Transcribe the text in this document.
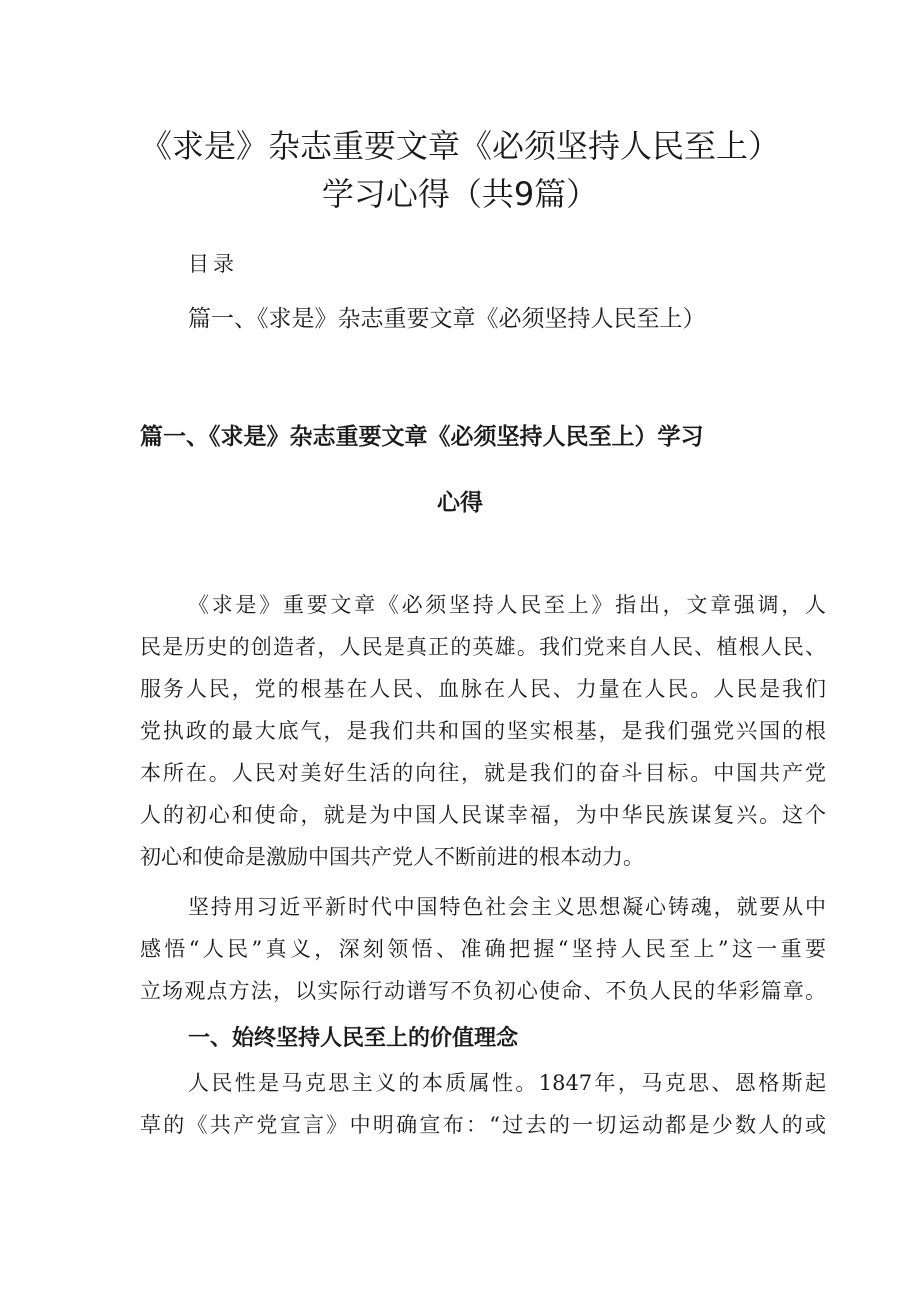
《求是》杂志重要文章《必须坚持人民至上）
学习心得（共9篇）

目录

篇一、《求是》杂志重要文章《必须坚持人民至上）

篇一、《求是》杂志重要文章《必须坚持人民至上）学习
心得

《求是》重要文章《必须坚持人民至上》指出，文章强调，人

民是历史的创造者，人民是真正的英雄。我们党来自人民、植根人民、

服务人民，党的根基在人民、血脉在人民、力量在人民。人民是我们

党执政的最大底气，是我们共和国的坚实根基，是我们强党兴国的根

本所在。人民对美好生活的向往，就是我们的奋斗目标。中国共产党

人的初心和使命，就是为中国人民谋幸福，为中华民族谋复兴。这个

初心和使命是激励中国共产党人不断前进的根本动力。

坚持用习近平新时代中国特色社会主义思想凝心铸魂，就要从中

感悟“人民”真义，深刻领悟、准确把握“坚持人民至上”这一重要

立场观点方法，以实际行动谱写不负初心使命、不负人民的华彩篇章。

一、始终坚持人民至上的价值理念

人民性是马克思主义的本质属性。1847年，马克思、恩格斯起

草的《共产党宣言》中明确宣布：“过去的一切运动都是少数人的或
